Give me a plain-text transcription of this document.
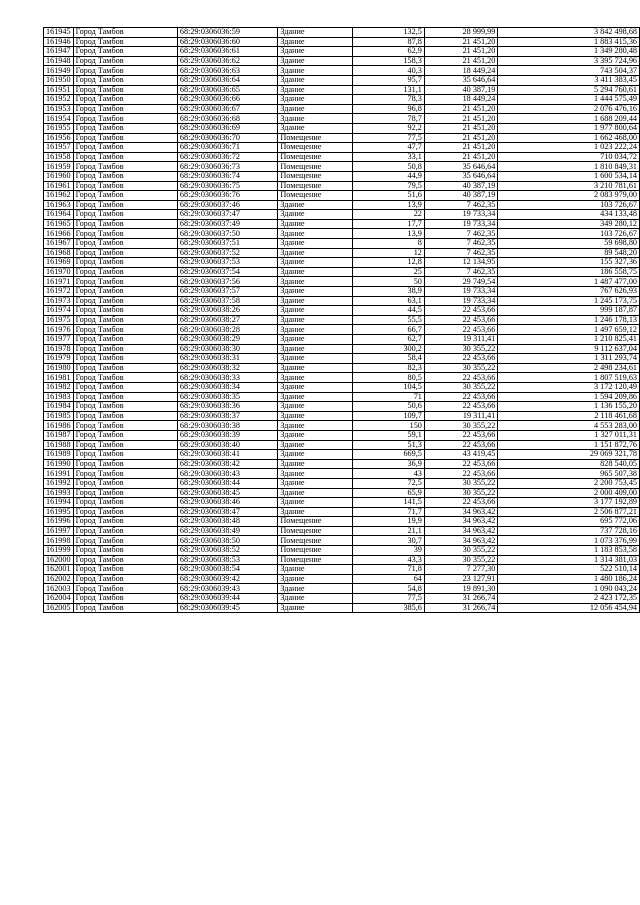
161945	Город Тамбов	68:29:0306036:59	Здание	132,5	28 999,99	3 842 498,68
161946	Город Тамбов	68:29:0306036:60	Здание	87,8	21 451,20	1 883 415,36
161947	Город Тамбов	68:29:0306036:61	Здание	62,9	21 451,20	1 349 280,48
161948	Город Тамбов	68:29:0306036:62	Здание	158,3	21 451,20	3 395 724,96
161949	Город Тамбов	68:29:0306036:63	Здание	40,3	18 449,24	743 504,37
161950	Город Тамбов	68:29:0306036:64	Здание	95,7	35 646,64	3 411 383,45
161951	Город Тамбов	68:29:0306036:65	Здание	131,1	40 387,19	5 294 760,61
161952	Город Тамбов	68:29:0306036:66	Здание	78,3	18 449,24	1 444 575,49
161953	Город Тамбов	68:29:0306036:67	Здание	96,8	21 451,20	2 076 476,16
161954	Город Тамбов	68:29:0306036:68	Здание	78,7	21 451,20	1 688 209,44
161955	Город Тамбов	68:29:0306036:69	Здание	92,2	21 451,20	1 977 800,64
161956	Город Тамбов	68:29:0306036:70	Помещение	77,5	21 451,20	1 662 468,00
161957	Город Тамбов	68:29:0306036:71	Помещение	47,7	21 451,20	1 023 222,24
161958	Город Тамбов	68:29:0306036:72	Помещение	33,1	21 451,20	710 034,72
161959	Город Тамбов	68:29:0306036:73	Помещение	50,8	35 646,64	1 810 849,31
161960	Город Тамбов	68:29:0306036:74	Помещение	44,9	35 646,64	1 600 534,14
161961	Город Тамбов	68:29:0306036:75	Помещение	79,5	40 387,19	3 210 781,61
161962	Город Тамбов	68:29:0306036:76	Помещение	51,6	40 387,19	2 083 979,00
161963	Город Тамбов	68:29:0306037:46	Здание	13,9	7 462,35	103 726,67
161964	Город Тамбов	68:29:0306037:47	Здание	22	19 733,34	434 133,48
161965	Город Тамбов	68:29:0306037:49	Здание	17,7	19 733,34	349 280,12
161966	Город Тамбов	68:29:0306037:50	Здание	13,9	7 462,35	103 726,67
161967	Город Тамбов	68:29:0306037:51	Здание	8	7 462,35	59 698,80
161968	Город Тамбов	68:29:0306037:52	Здание	12	7 462,35	89 548,20
161969	Город Тамбов	68:29:0306037:53	Здание	12,8	12 134,95	155 327,36
161970	Город Тамбов	68:29:0306037:54	Здание	25	7 462,35	186 558,75
161971	Город Тамбов	68:29:0306037:56	Здание	50	29 749,54	1 487 477,00
161972	Город Тамбов	68:29:0306037:57	Здание	38,9	19 733,34	767 626,93
161973	Город Тамбов	68:29:0306037:58	Здание	63,1	19 733,34	1 245 173,75
161974	Город Тамбов	68:29:0306038:26	Здание	44,5	22 453,66	999 187,87
161975	Город Тамбов	68:29:0306038:27	Здание	55,5	22 453,66	1 246 178,13
161976	Город Тамбов	68:29:0306038:28	Здание	66,7	22 453,66	1 497 659,12
161977	Город Тамбов	68:29:0306038:29	Здание	62,7	19 311,41	1 210 825,41
161978	Город Тамбов	68:29:0306038:30	Здание	300,2	30 355,22	9 112 637,04
161979	Город Тамбов	68:29:0306038:31	Здание	58,4	22 453,66	1 311 293,74
161980	Город Тамбов	68:29:0306038:32	Здание	82,3	30 355,22	2 498 234,61
161981	Город Тамбов	68:29:0306038:33	Здание	80,5	22 453,66	1 807 519,63
161982	Город Тамбов	68:29:0306038:34	Здание	104,5	30 355,22	3 172 120,49
161983	Город Тамбов	68:29:0306038:35	Здание	71	22 453,66	1 594 209,86
161984	Город Тамбов	68:29:0306038:36	Здание	50,6	22 453,66	1 136 155,20
161985	Город Тамбов	68:29:0306038:37	Здание	109,7	19 311,41	2 118 461,68
161986	Город Тамбов	68:29:0306038:38	Здание	150	30 355,22	4 553 283,00
161987	Город Тамбов	68:29:0306038:39	Здание	59,1	22 453,66	1 327 011,31
161988	Город Тамбов	68:29:0306038:40	Здание	51,3	22 453,66	1 151 872,76
161989	Город Тамбов	68:29:0306038:41	Здание	669,5	43 419,45	29 069 321,78
161990	Город Тамбов	68:29:0306038:42	Здание	36,9	22 453,66	828 540,05
161991	Город Тамбов	68:29:0306038:43	Здание	43	22 453,66	965 507,38
161992	Город Тамбов	68:29:0306038:44	Здание	72,5	30 355,22	2 200 753,45
161993	Город Тамбов	68:29:0306038:45	Здание	65,9	30 355,22	2 000 409,00
161994	Город Тамбов	68:29:0306038:46	Здание	141,5	22 453,66	3 177 192,89
161995	Город Тамбов	68:29:0306038:47	Здание	71,7	34 963,42	2 506 877,21
161996	Город Тамбов	68:29:0306038:48	Помещение	19,9	34 963,42	695 772,06
161997	Город Тамбов	68:29:0306038:49	Помещение	21,1	34 963,42	737 728,16
161998	Город Тамбов	68:29:0306038:50	Помещение	30,7	34 963,42	1 073 376,99
161999	Город Тамбов	68:29:0306038:52	Помещение	39	30 355,22	1 183 853,58
162000	Город Тамбов	68:29:0306038:53	Помещение	43,3	30 355,22	1 314 381,03
162001	Город Тамбов	68:29:0306038:54	Здание	71,8	7 277,30	522 510,14
162002	Город Тамбов	68:29:0306039:42	Здание	64	23 127,91	1 480 186,24
162003	Город Тамбов	68:29:0306039:43	Здание	54,8	19 891,30	1 090 043,24
162004	Город Тамбов	68:29:0306039:44	Здание	77,5	31 266,74	2 423 172,35
162005	Город Тамбов	68:29:0306039:45	Здание	385,6	31 266,74	12 056 454,94
